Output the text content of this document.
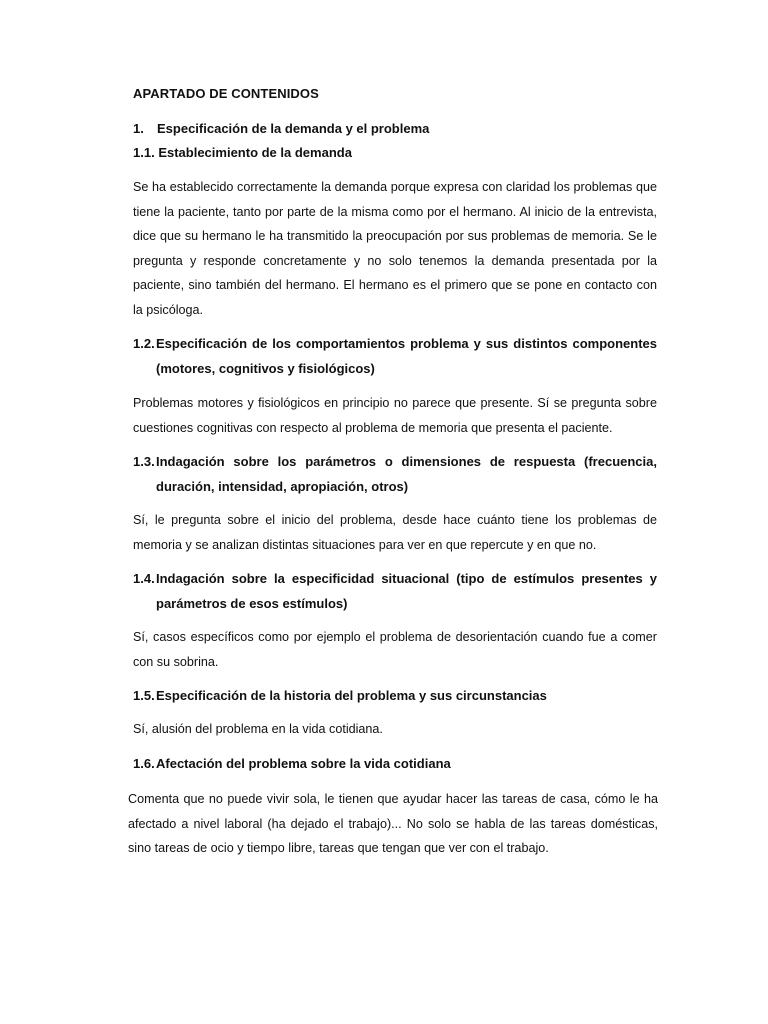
APARTADO DE CONTENIDOS
1. Especificación de la demanda y el problema
1.1. Establecimiento de la demanda

Se ha establecido correctamente la demanda porque expresa con claridad los problemas que tiene la paciente, tanto por parte de la misma como por el hermano. Al inicio de la entrevista, dice que su hermano le ha transmitido la preocupación por sus problemas de memoria. Se le pregunta y responde concretamente y no solo tenemos la demanda presentada por la paciente, sino también del hermano. El hermano es el primero que se pone en contacto con la psicóloga.

1.2. Especificación de los comportamientos problema y sus distintos componentes (motores, cognitivos y fisiológicos)

Problemas motores y fisiológicos en principio no parece que presente. Sí se pregunta sobre cuestiones cognitivas con respecto al problema de memoria que presenta el paciente.

1.3. Indagación sobre los parámetros o dimensiones de respuesta (frecuencia, duración, intensidad, apropiación, otros)

Sí, le pregunta sobre el inicio del problema, desde hace cuánto tiene los problemas de memoria y se analizan distintas situaciones para ver en que repercute y en que no.

1.4. Indagación sobre la especificidad situacional (tipo de estímulos presentes y parámetros de esos estímulos)

Sí, casos específicos como por ejemplo el problema de desorientación cuando fue a comer con su sobrina.

1.5. Especificación de la historia del problema y sus circunstancias

Sí, alusión del problema en la vida cotidiana.

1.6. Afectación del problema sobre la vida cotidiana

Comenta que no puede vivir sola, le tienen que ayudar hacer las tareas de casa, cómo le ha afectado a nivel laboral (ha dejado el trabajo)... No solo se habla de las tareas domésticas, sino tareas de ocio y tiempo libre, tareas que tengan que ver con el trabajo.
